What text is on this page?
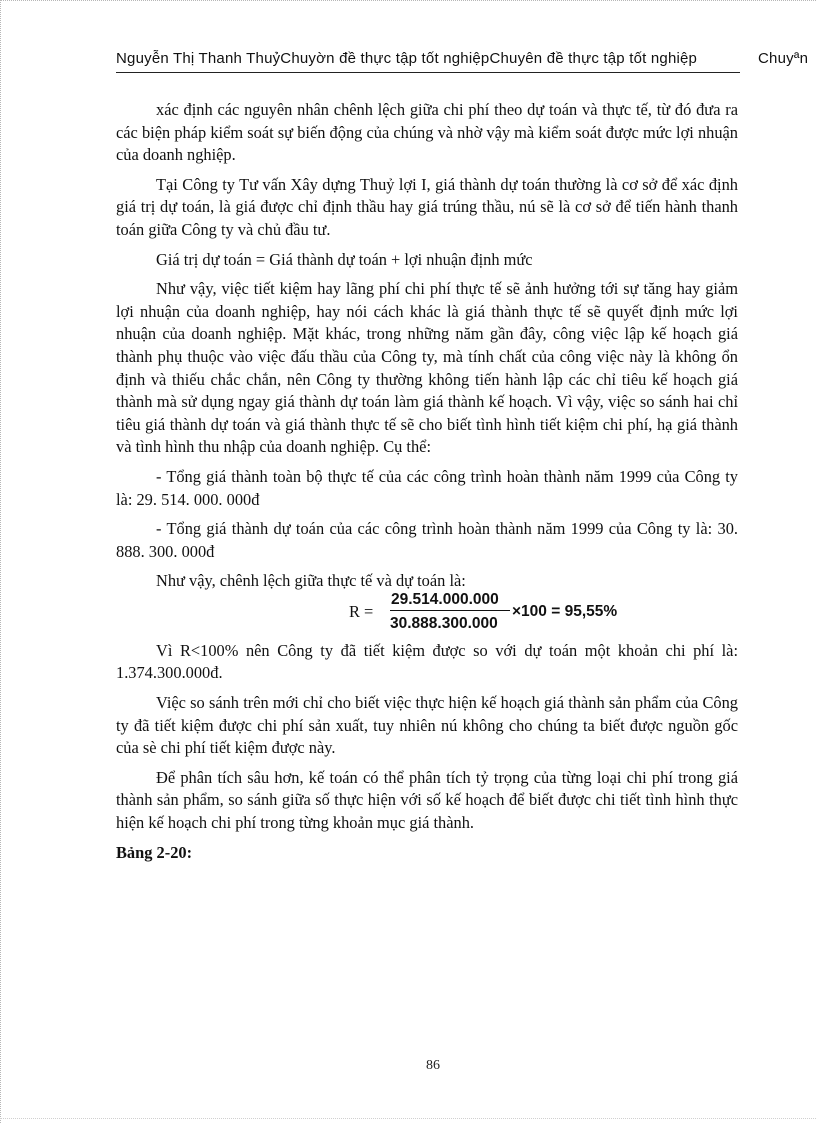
Nguyễn Thị Thanh ThuỷChuyờn đề thực tập tốt nghiệpChuyên đề thực tập tốt nghiệp	Chuyªn

xác định các nguyên nhân chênh lệch giữa chi phí theo dự toán và thực tế, từ đó đưa ra các biện pháp kiểm soát sự biến động của chúng và nhờ vậy mà kiểm soát được mức lợi nhuận của doanh nghiệp.

Tại Công ty Tư vấn Xây dựng Thuỷ lợi I, giá thành dự toán thường là cơ sở để xác định giá trị dự toán, là giá được chỉ định thầu hay giá trúng thầu, nú sẽ là cơ sở để tiến hành thanh toán giữa Công ty và chủ đầu tư.

Giá trị dự toán = Giá thành dự toán + lợi nhuận định mức

Như vậy, việc tiết kiệm hay lãng phí chi phí thực tế sẽ ảnh hưởng tới sự tăng hay giảm lợi nhuận của doanh nghiệp, hay nói cách khác là giá thành thực tế sẽ quyết định mức lợi nhuận của doanh nghiệp. Mặt khác, trong những năm gần đây, công việc lập kế hoạch giá thành phụ thuộc vào việc đấu thầu của Công ty, mà tính chất của công việc này là không ổn định và thiếu chắc chắn, nên Công ty thường không tiến hành lập các chỉ tiêu kế hoạch giá thành mà sử dụng ngay giá thành dự toán làm giá thành kế hoạch. Vì vậy, việc so sánh hai chỉ tiêu giá thành dự toán và giá thành thực tế sẽ cho biết tình hình tiết kiệm chi phí, hạ giá thành và tình hình thu nhập của doanh nghiệp. Cụ thể:

- Tổng giá thành toàn bộ thực tế của các công trình hoàn thành năm 1999 của Công ty là: 29. 514. 000. 000đ

- Tổng giá thành dự toán của các công trình hoàn thành năm 1999 của Công ty là: 30. 888. 300. 000đ

Như vậy, chênh lệch giữa thực tế và dự toán là:

R =
29.514.000.000
30.888.300.000
×100 = 95,55%

Vì R<100% nên Công ty đã tiết kiệm được so với dự toán một khoản chi phí là: 1.374.300.000đ.

Việc so sánh trên mới chỉ cho biết việc thực hiện kế hoạch giá thành sản phẩm của Công ty đã tiết kiệm được chi phí sản xuất, tuy nhiên nú không cho chúng ta biết được nguồn gốc của sè chi phí tiết kiệm được này.

Để phân tích sâu hơn, kế toán có thể phân tích tỷ trọng của từng loại chi phí trong giá thành sản phẩm, so sánh giữa số thực hiện với số kế hoạch để biết được chi tiết tình hình thực hiện kế hoạch chi phí trong từng khoản mục giá thành.

Bảng 2-20:

86
